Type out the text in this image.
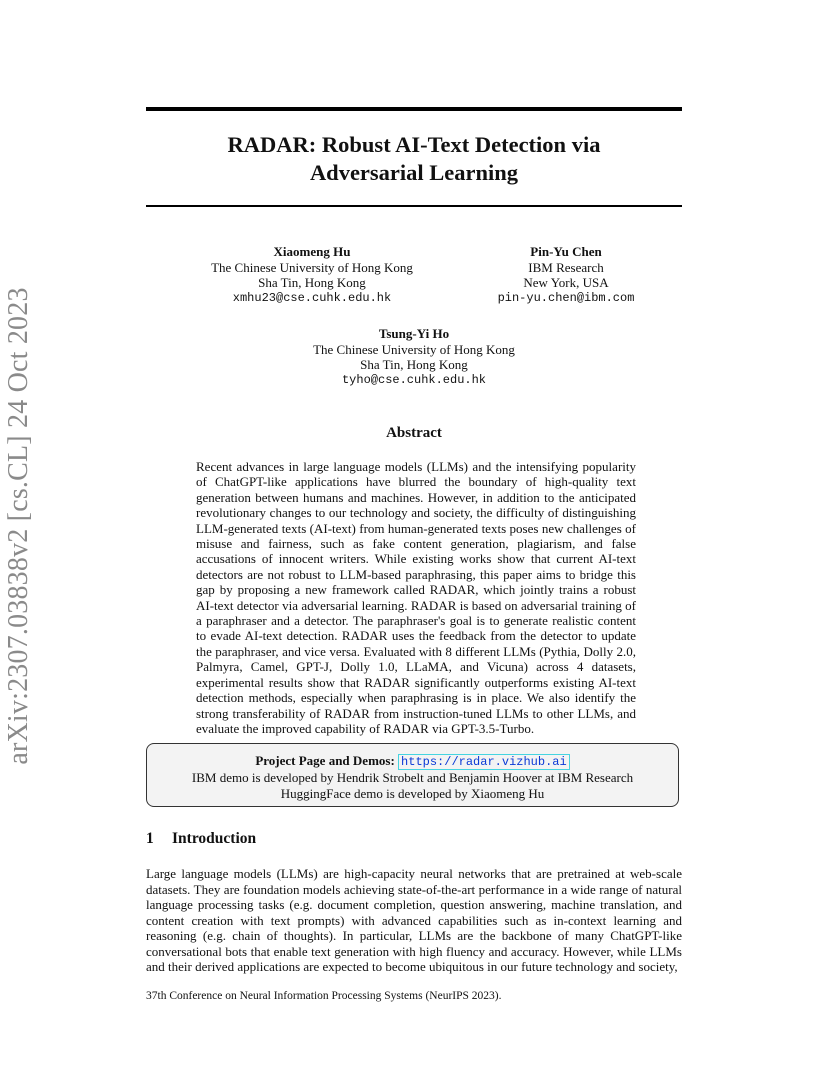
arXiv:2307.03838v2 [cs.CL] 24 Oct 2023
RADAR: Robust AI-Text Detection via
Adversarial Learning
Xiaomeng Hu
The Chinese University of Hong Kong
Sha Tin, Hong Kong
xmhu23@cse.cuhk.edu.hk
Pin-Yu Chen
IBM Research
New York, USA
pin-yu.chen@ibm.com
Tsung-Yi Ho
The Chinese University of Hong Kong
Sha Tin, Hong Kong
tyho@cse.cuhk.edu.hk
Abstract

Recent advances in large language models (LLMs) and the intensifying popularity of ChatGPT-like applications have blurred the boundary of high-quality text generation between humans and machines. However, in addition to the anticipated revolutionary changes to our technology and society, the difficulty of distinguishing LLM-generated texts (AI-text) from human-generated texts poses new challenges of misuse and fairness, such as fake content generation, plagiarism, and false accusations of innocent writers. While existing works show that current AI-text detectors are not robust to LLM-based paraphrasing, this paper aims to bridge this gap by proposing a new framework called RADAR, which jointly trains a robust AI-text detector via adversarial learning. RADAR is based on adversarial training of a paraphraser and a detector. The paraphraser's goal is to generate realistic content to evade AI-text detection. RADAR uses the feedback from the detector to update the paraphraser, and vice versa. Evaluated with 8 different LLMs (Pythia, Dolly 2.0, Palmyra, Camel, GPT-J, Dolly 1.0, LLaMA, and Vicuna) across 4 datasets, experimental results show that RADAR significantly outperforms existing AI-text detection methods, especially when paraphrasing is in place. We also identify the strong transferability of RADAR from instruction-tuned LLMs to other LLMs, and evaluate the improved capability of RADAR via GPT-3.5-Turbo.

Project Page and Demos: https://radar.vizhub.ai
IBM demo is developed by Hendrik Strobelt and Benjamin Hoover at IBM Research
HuggingFace demo is developed by Xiaomeng Hu
1 Introduction

Large language models (LLMs) are high-capacity neural networks that are pretrained at web-scale datasets. They are foundation models achieving state-of-the-art performance in a wide range of natural language processing tasks (e.g. document completion, question answering, machine translation, and content creation with text prompts) with advanced capabilities such as in-context learning and reasoning (e.g. chain of thoughts). In particular, LLMs are the backbone of many ChatGPT-like conversational bots that enable text generation with high fluency and accuracy. However, while LLMs and their derived applications are expected to become ubiquitous in our future technology and society,

37th Conference on Neural Information Processing Systems (NeurIPS 2023).
